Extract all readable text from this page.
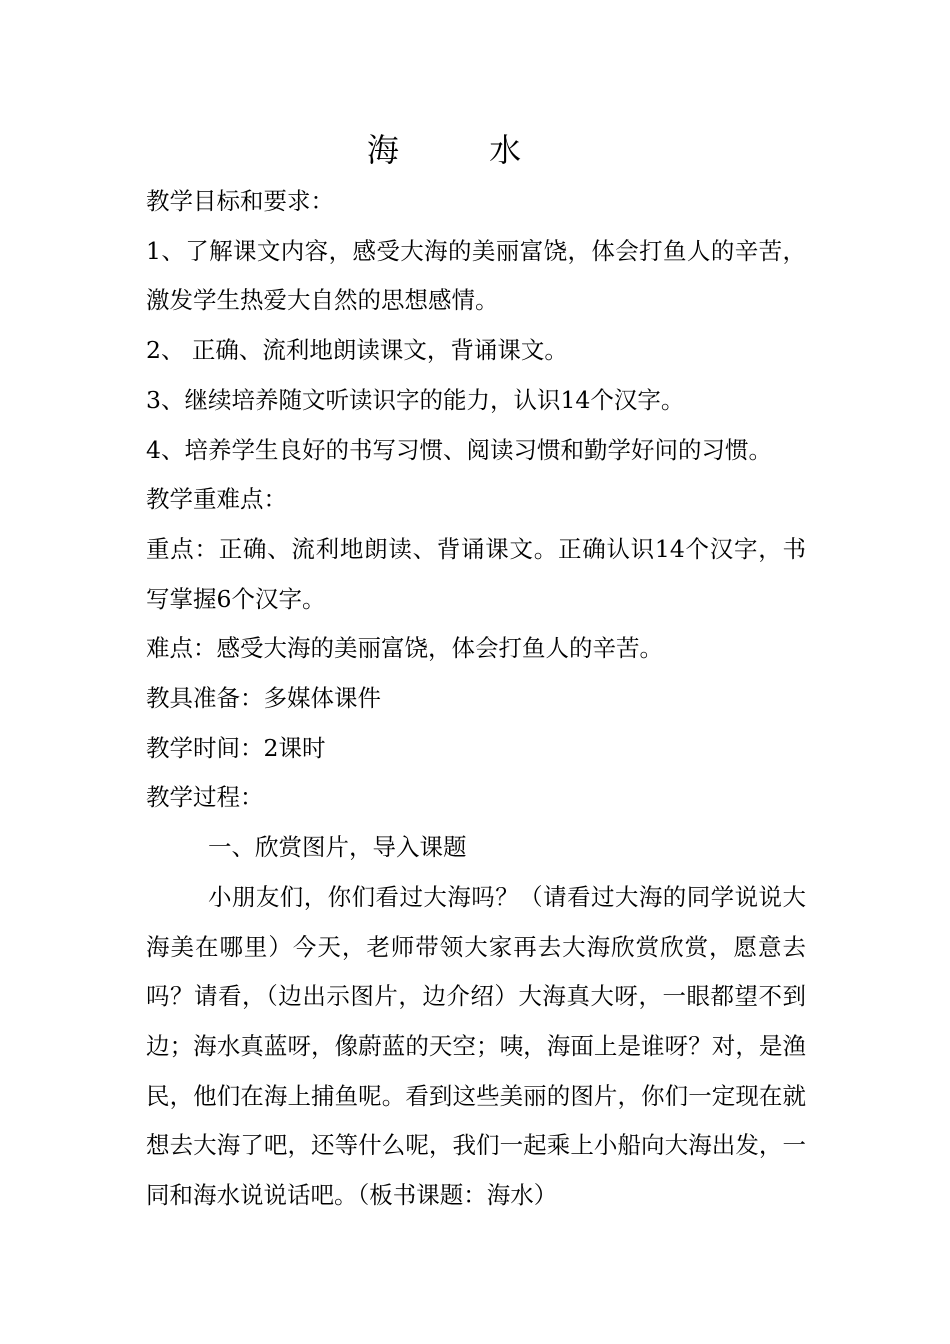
海 水

教学目标和要求：

1、了解课文内容，感受大海的美丽富饶，体会打鱼人的辛苦，激发学生热爱大自然的思想感情。

2、 正确、流利地朗读课文，背诵课文。

3、继续培养随文听读识字的能力，认识14个汉字。

4、培养学生良好的书写习惯、阅读习惯和勤学好问的习惯。

教学重难点：

重点：正确、流利地朗读、背诵课文。正确认识14个汉字，书写掌握6个汉字。

难点：感受大海的美丽富饶，体会打鱼人的辛苦。

教具准备：多媒体课件

教学时间：2课时

教学过程：

一、欣赏图片，导入课题

小朋友们，你们看过大海吗？（请看过大海的同学说说大海美在哪里）今天，老师带领大家再去大海欣赏欣赏，愿意去吗？请看，（边出示图片，边介绍）大海真大呀，一眼都望不到边；海水真蓝呀，像蔚蓝的天空；咦，海面上是谁呀？对，是渔民，他们在海上捕鱼呢。看到这些美丽的图片，你们一定现在就想去大海了吧，还等什么呢，我们一起乘上小船向大海出发，一同和海水说说话吧。（板书课题：海水）
